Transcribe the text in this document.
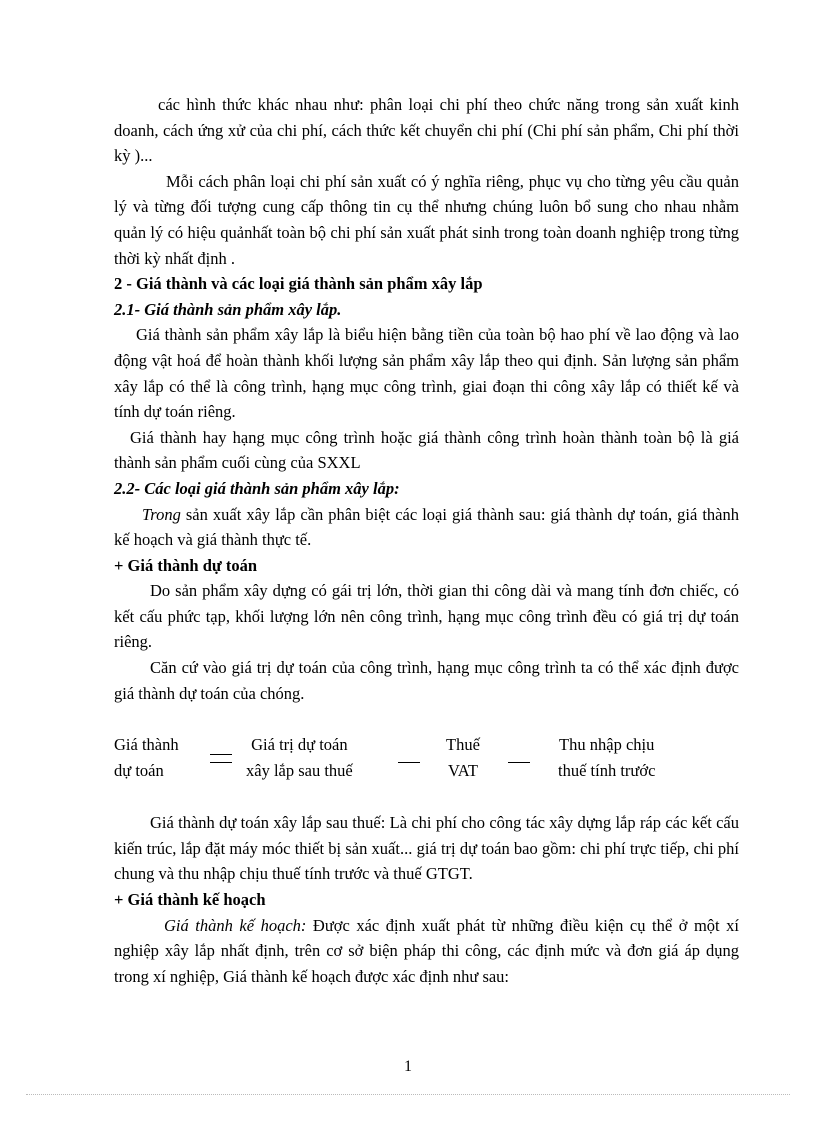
các hình thức khác nhau như: phân loại chi phí theo chức năng trong sản xuất kinh doanh, cách ứng xử của chi phí, cách thức kết chuyển chi phí (Chi phí sản phẩm, Chi phí thời kỳ )...

Mỗi cách phân loại chi phí sản xuất có ý nghĩa riêng, phục vụ cho từng yêu cầu quản lý và từng đối tượng cung cấp thông tin cụ thể nhưng chúng luôn bổ sung cho nhau nhằm quản lý có hiệu quảnhất toàn bộ chi phí sản xuất phát sinh trong toàn doanh nghiệp trong từng thời kỳ nhất định .

2 - Giá thành và các loại giá thành sản phẩm xây lắp

2.1- Giá thành sản phẩm xây lắp.

Giá thành sản phẩm xây lắp là biểu hiện bằng tiền của toàn bộ hao phí về lao động và lao động vật hoá để hoàn thành khối lượng sản phẩm xây lắp theo qui định. Sản lượng sản phẩm xây lắp có thể là công trình, hạng mục công trình, giai đoạn thi công xây lắp có thiết kế và tính dự toán riêng.

Giá thành hay hạng mục công trình hoặc giá thành công trình hoàn thành toàn bộ là giá thành sản phẩm cuối cùng của SXXL

2.2- Các loại giá thành sản phẩm xây lắp:

Trong sản xuất xây lắp cần phân biệt các loại giá thành sau: giá thành dự toán, giá thành kế hoạch và giá thành thực tế.

+ Giá thành dự toán

Do sản phẩm xây dựng có gái trị lớn, thời gian thi công dài và mang tính đơn chiếc, có kết cấu phức tạp, khối lượng lớn nên công trình, hạng mục công trình đều có giá trị dự toán riêng.

Căn cứ vào giá trị dự toán của công trình, hạng mục công trình ta có thể xác định được giá thành dự toán của chóng.

Giá thành
dự toán
Giá trị dự toán
xây lắp sau thuế
Thuế
VAT
Thu nhập chịu
thuế tính trước

Giá thành dự toán xây lắp sau thuế: Là chi phí cho công tác xây dựng lắp ráp các kết cấu kiến trúc, lắp đặt máy móc thiết bị sản xuất... giá trị dự toán bao gồm: chi phí trực tiếp, chi phí chung và thu nhập chịu thuế tính trước và thuế GTGT.

+ Giá thành kế hoạch

Giá thành kế hoạch: Được xác định xuất phát từ những điều kiện cụ thể ở một xí nghiệp xây lắp nhất định, trên cơ sở biện pháp thi công, các định mức và đơn giá áp dụng trong xí nghiệp, Giá thành kế hoạch được xác định như sau:

1
